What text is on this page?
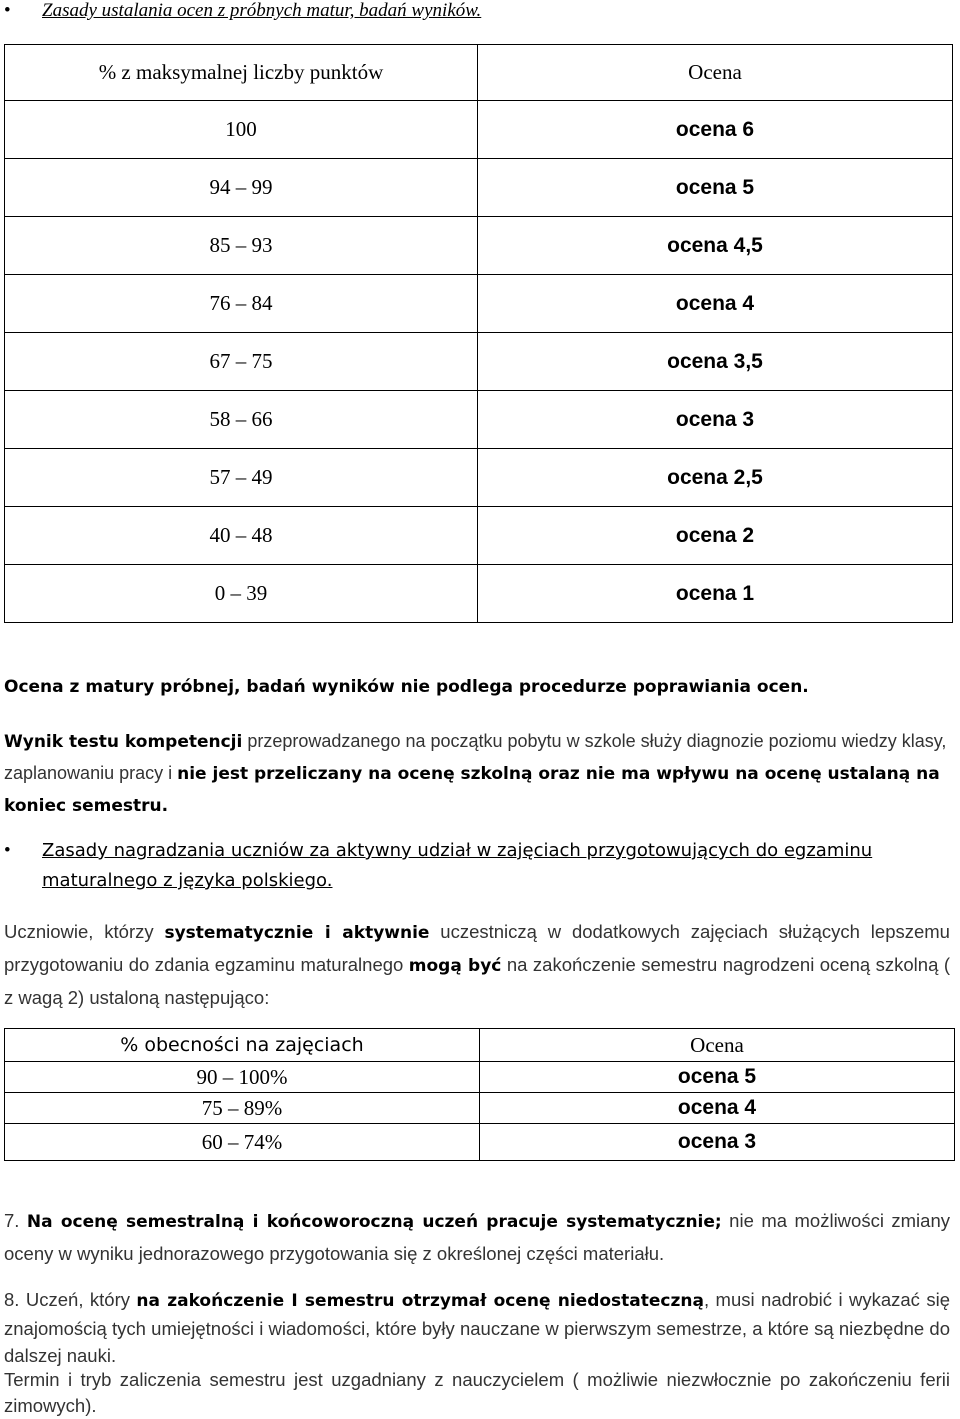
• Zasady ustalania ocen z próbnych matur, badań wyników.
% z maksymalnej liczby punktów	Ocena
100	ocena 6
94 – 99	ocena 5
85 – 93	ocena 4,5
76 – 84	ocena 4
67 – 75	ocena 3,5
58 – 66	ocena 3
57 – 49	ocena 2,5
40 – 48	ocena 2
0 – 39	ocena 1
Ocena z matury próbnej, badań wyników nie podlega procedurze poprawiania ocen.
Wynik testu kompetencji przeprowadzanego na początku pobytu w szkole służy diagnozie poziomu wiedzy klasy, zaplanowaniu pracy i nie jest przeliczany na ocenę szkolną oraz nie ma wpływu na ocenę ustalaną na koniec semestru.
• Zasady nagradzania uczniów za aktywny udział w zajęciach przygotowujących do egzaminu
maturalnego z języka polskiego.
Uczniowie, którzy systematycznie i aktywnie uczestniczą w dodatkowych zajęciach służących lepszemu przygotowaniu do zdania egzaminu maturalnego mogą być na zakończenie semestru nagrodzeni oceną szkolną ( z wagą 2) ustaloną następująco:
% obecności na zajęciach	Ocena
90 – 100%	ocena 5
75 – 89%	ocena 4
60 – 74%	ocena 3
7. Na ocenę semestralną i końcoworoczną uczeń pracuje systematycznie; nie ma możliwości zmiany oceny w wyniku jednorazowego przygotowania się z określonej części materiału.
8. Uczeń, który na zakończenie I semestru otrzymał ocenę niedostateczną, musi nadrobić i wykazać się znajomością tych umiejętności i wiadomości, które były nauczane w pierwszym semestrze, a które są niezbędne do dalszej nauki.
Termin i tryb zaliczenia semestru jest uzgadniany z nauczycielem ( możliwie niezwłocznie po zakończeniu ferii zimowych).
